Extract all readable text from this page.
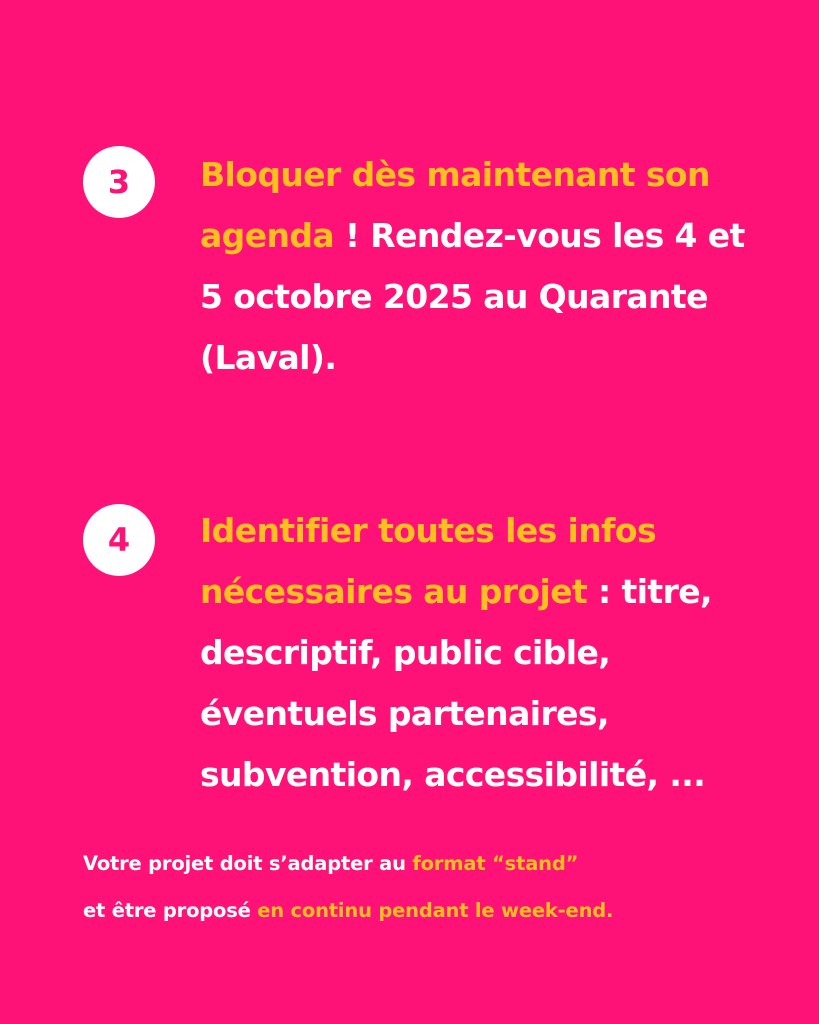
3	Bloquer dès maintenant son agenda ! Rendez-vous les 4 et 5 octobre 2025 au Quarante (Laval).

4	Identifier toutes les infos nécessaires au projet : titre, descriptif, public cible, éventuels partenaires, subvention, accessibilité, ...

Votre projet doit s’adapter au format “stand”
et être proposé en continu pendant le week-end.
